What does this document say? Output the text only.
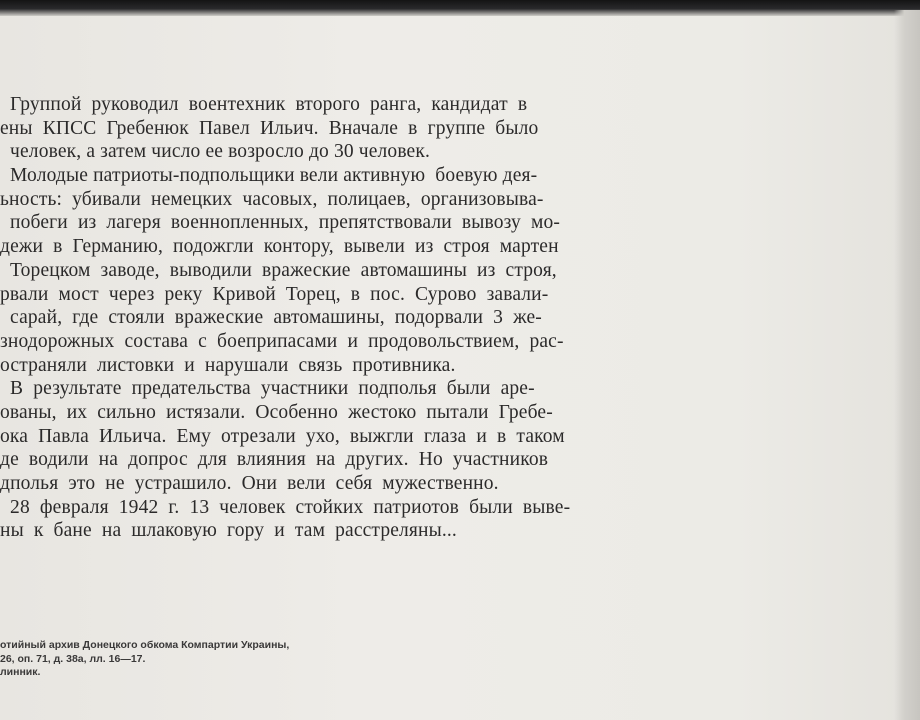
Группой  руководил  воентехник  второго  ранга,  кандидат  в
ены  КПСС  Гребенюк  Павел  Ильич.  Вначале  в  группе  было
человек, а затем число ее возросло до 30 человек.
Молодые патриоты-подпольщики вели активную  боевую дея-
ьность:  убивали  немецких  часовых,  полицаев,  организовыва-
побеги  из  лагеря  военнопленных,  препятствовали  вывозу  мо-
дежи  в  Германию,  подожгли  контору,  вывели  из  строя  мартен
Торецком  заводе,  выводили  вражеские  автомашины  из  строя,
рвали  мост  через  реку  Кривой  Торец,  в  пос.  Сурово  завали-
сарай,  где  стояли  вражеские  автомашины,  подорвали  3  же-
знодорожных  состава  с  боеприпасами  и  продовольствием,  рас-
остраняли  листовки  и  нарушали  связь  противника.
В  результате  предательства  участники  подполья  были  аре-
ованы,  их  сильно  истязали.  Особенно  жестоко  пытали  Гребе-
ока  Павла  Ильича.  Ему  отрезали  ухо,  выжгли  глаза  и  в  таком
де  водили  на  допрос  для  влияния  на  других.  Но  участников
дполья  это  не  устрашило.  Они  вели  себя  мужественно.
28  февраля  1942  г.  13  человек  стойких  патриотов  были  выве-
ны  к  бане  на  шлаковую  гору  и  там  расстреляны...
отийный архив Донецкого обкома Компартии Украины,
26, оп. 71, д. 38а, лл. 16—17.
линник.
